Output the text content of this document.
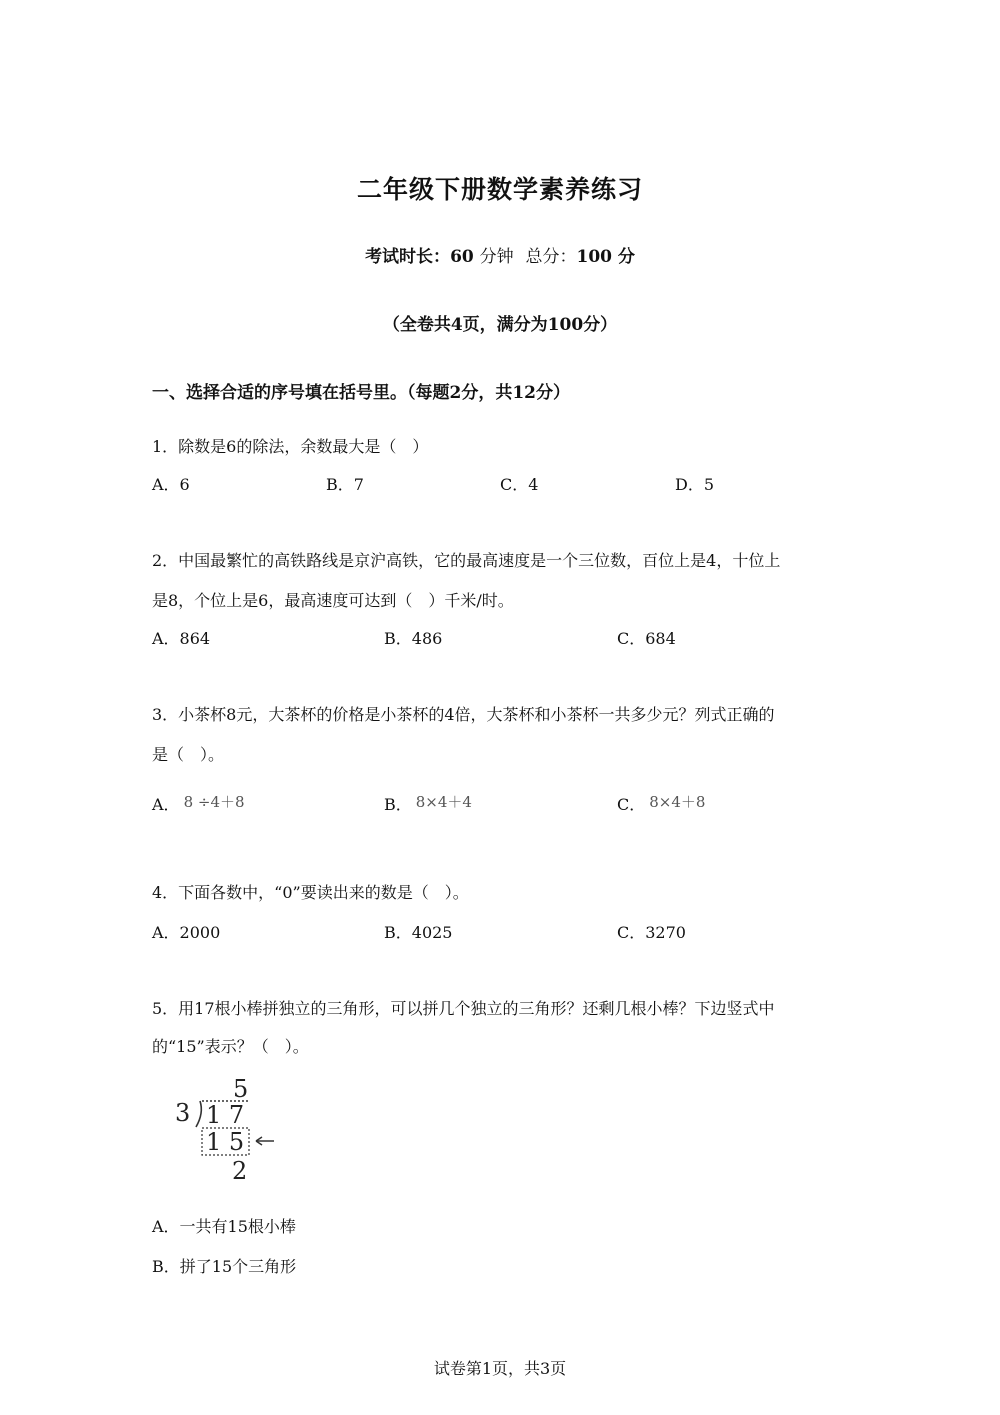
二年级下册数学素养练习
考试时长：60 分钟 总分：100 分
（全卷共4页，满分为100分）
一、选择合适的序号填在括号里。（每题2分，共12分）
1．除数是6的除法，余数最大是（　）
A．6	B．7	C．4	D．5
2．中国最繁忙的高铁路线是京沪高铁，它的最高速度是一个三位数，百位上是4，十位上
是8，个位上是6，最高速度可达到（　）千米/时。
A．864	B．486	C．684
3．小茶杯8元，大茶杯的价格是小茶杯的4倍，大茶杯和小茶杯一共多少元？列式正确的
是（　）。
A． 8 ÷4＋8	B． 8×4＋4	C． 8×4＋8
4．下面各数中，“0”要读出来的数是（　）。
A．2000	B．4025	C．3270
5．用17根小棒拼独立的三角形，可以拼几个独立的三角形？还剩几根小棒？下边竖式中
的“15”表示？（　）。
5
3 1 7
1 5
2
A．一共有15根小棒
B．拼了15个三角形
试卷第1页，共3页
